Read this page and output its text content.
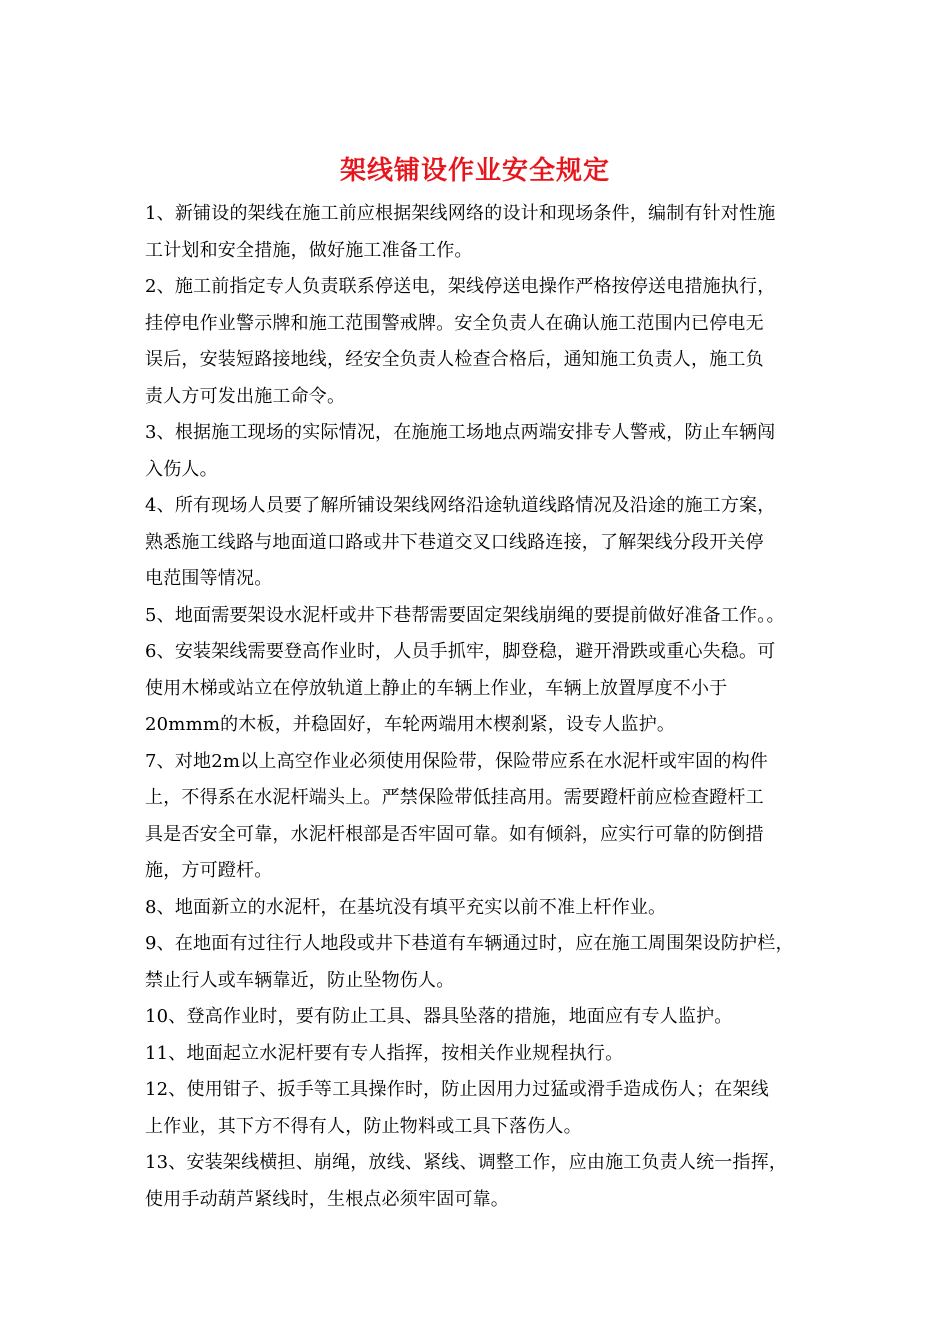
架线铺设作业安全规定
1、新铺设的架线在施工前应根据架线网络的设计和现场条件，编制有针对性施
工计划和安全措施，做好施工准备工作。
2、施工前指定专人负责联系停送电，架线停送电操作严格按停送电措施执行，
挂停电作业警示牌和施工范围警戒牌。安全负责人在确认施工范围内已停电无
误后，安装短路接地线，经安全负责人检查合格后，通知施工负责人，施工负
责人方可发出施工命令。
3、根据施工现场的实际情况，在施施工场地点两端安排专人警戒，防止车辆闯
入伤人。
4、所有现场人员要了解所铺设架线网络沿途轨道线路情况及沿途的施工方案，
熟悉施工线路与地面道口路或井下巷道交叉口线路连接，了解架线分段开关停
电范围等情况。
5、地面需要架设水泥杆或井下巷帮需要固定架线崩绳的要提前做好准备工作。。
6、安装架线需要登高作业时，人员手抓牢，脚登稳，避开滑跌或重心失稳。可
使用木梯或站立在停放轨道上静止的车辆上作业，车辆上放置厚度不小于
20mmm的木板，并稳固好，车轮两端用木楔刹紧，设专人监护。
7、对地2m以上高空作业必须使用保险带，保险带应系在水泥杆或牢固的构件
上，不得系在水泥杆端头上。严禁保险带低挂高用。需要蹬杆前应检查蹬杆工
具是否安全可靠，水泥杆根部是否牢固可靠。如有倾斜，应实行可靠的防倒措
施，方可蹬杆。
8、地面新立的水泥杆，在基坑没有填平充实以前不准上杆作业。
9、在地面有过往行人地段或井下巷道有车辆通过时，应在施工周围架设防护栏，
禁止行人或车辆靠近，防止坠物伤人。
10、登高作业时，要有防止工具、器具坠落的措施，地面应有专人监护。
11、地面起立水泥杆要有专人指挥，按相关作业规程执行。
12、使用钳子、扳手等工具操作时，防止因用力过猛或滑手造成伤人；在架线
上作业，其下方不得有人，防止物料或工具下落伤人。
13、安装架线横担、崩绳，放线、紧线、调整工作，应由施工负责人统一指挥，
使用手动葫芦紧线时，生根点必须牢固可靠。
